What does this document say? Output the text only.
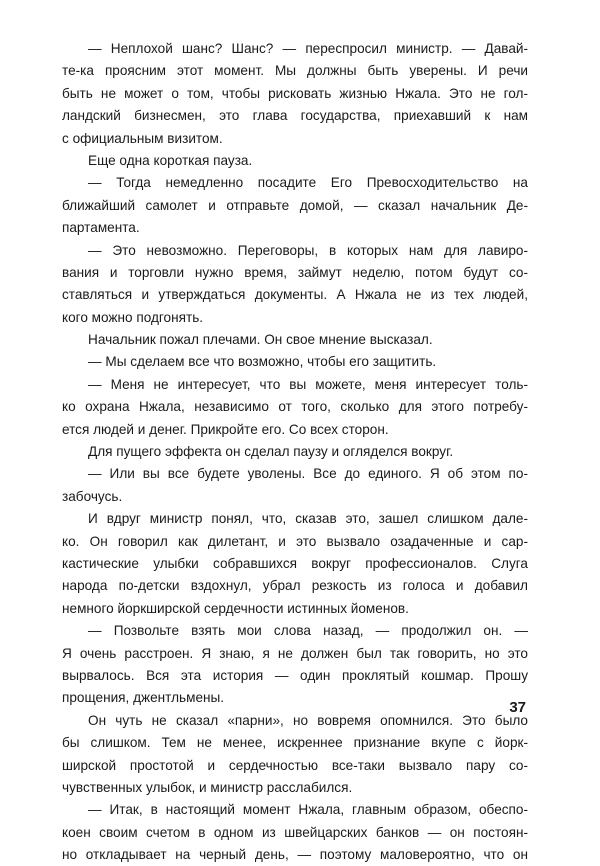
— Неплохой шанс? Шанс? — переспросил министр. — Давай-
те-ка проясним этот момент. Мы должны быть уверены. И речи
быть не может о том, чтобы рисковать жизнью Нжала. Это не гол-
ландский бизнесмен, это глава государства, приехавший к нам
с официальным визитом.
Еще одна короткая пауза.
— Тогда немедленно посадите Его Превосходительство на
ближайший самолет и отправьте домой, — сказал начальник Де-
партамента.
— Это невозможно. Переговоры, в которых нам для лавиро-
вания и торговли нужно время, займут неделю, потом будут со-
ставляться и утверждаться документы. А Нжала не из тех людей,
кого можно подгонять.
Начальник пожал плечами. Он свое мнение высказал.
— Мы сделаем все что возможно, чтобы его защитить.
— Меня не интересует, что вы можете, меня интересует толь-
ко охрана Нжала, независимо от того, сколько для этого потребу-
ется людей и денег. Прикройте его. Со всех сторон.
Для пущего эффекта он сделал паузу и огляделся вокруг.
— Или вы все будете уволены. Все до единого. Я об этом по-
забочусь.
И вдруг министр понял, что, сказав это, зашел слишком дале-
ко. Он говорил как дилетант, и это вызвало озадаченные и сар-
кастические улыбки собравшихся вокруг профессионалов. Слуга
народа по-детски вздохнул, убрал резкость из голоса и добавил
немного йоркширской сердечности истинных йоменов.
— Позвольте взять мои слова назад, — продолжил он. —
Я очень расстроен. Я знаю, я не должен был так говорить, но это
вырвалось. Вся эта история — один проклятый кошмар. Прошу
прощения, джентльмены.
Он чуть не сказал «парни», но вовремя опомнился. Это было
бы слишком. Тем не менее, искреннее признание вкупе с йорк-
ширской простотой и сердечностью все-таки вызвало пару со-
чувственных улыбок, и министр расслабился.
— Итак, в настоящий момент Нжала, главным образом, обеспо-
коен своим счетом в одном из швейцарских банков — он постоян-
но откладывает на черный день, — поэтому маловероятно, что он
37
